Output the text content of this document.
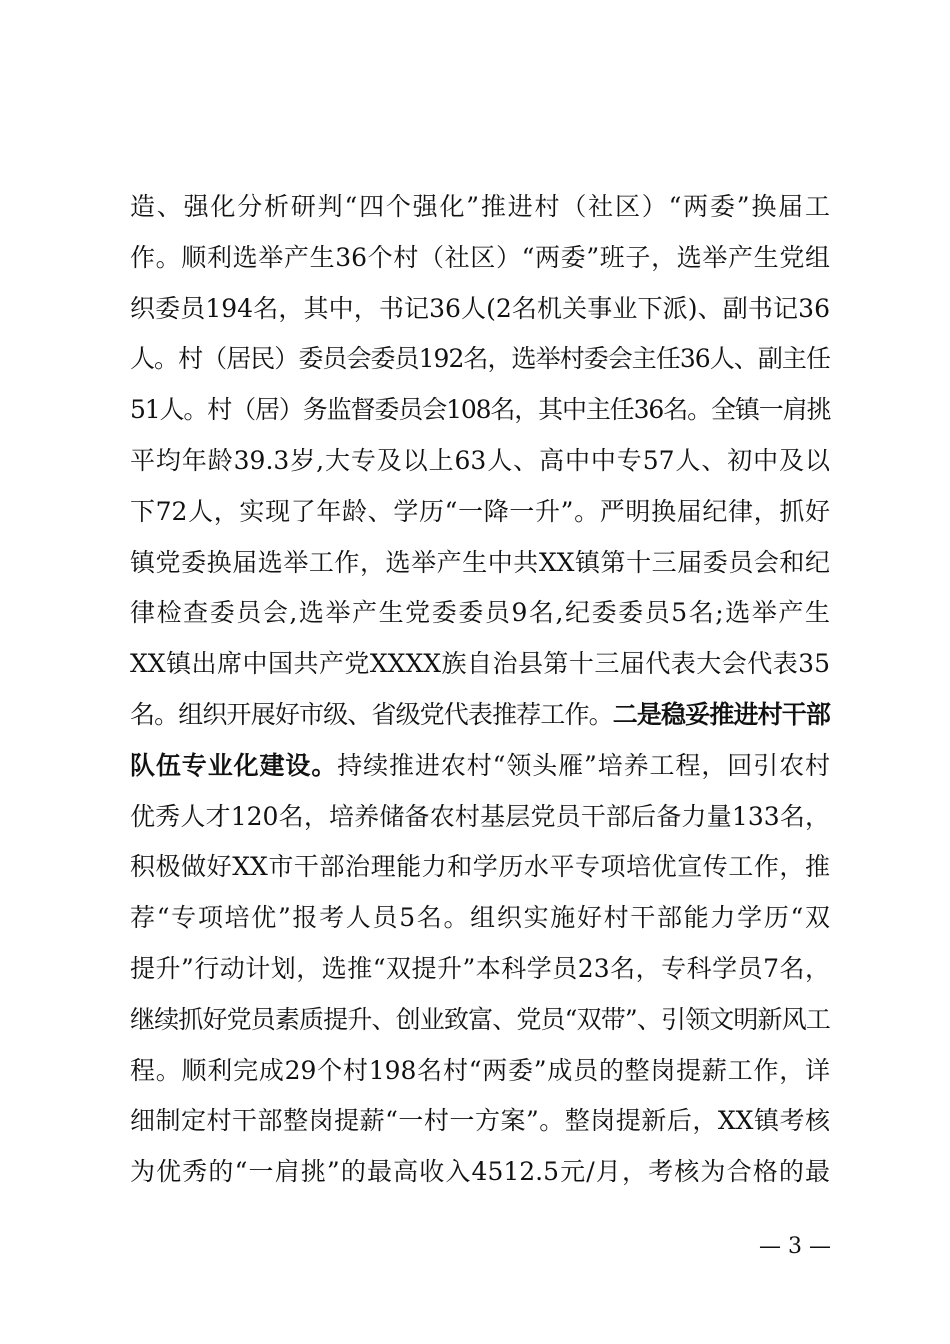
造、强化分析研判“四个强化”推进村（社区）“两委”换届工
作。顺利选举产生36个村（社区）“两委”班子，选举产生党组
织委员194名，其中，书记36人(2名机关事业下派)、副书记36
人。村（居民）委员会委员192名，选举村委会主任36人、副主任
51人。村（居）务监督委员会108名，其中主任36名。全镇一肩挑
平均年龄39.3岁,大专及以上63人、高中中专57人、初中及以
下72人，实现了年龄、学历“一降一升”。严明换届纪律，抓好
镇党委换届选举工作，选举产生中共XX镇第十三届委员会和纪
律检查委员会,选举产生党委委员9名,纪委委员5名;选举产生
XX镇出席中国共产党XXXX族自治县第十三届代表大会代表35
名。组织开展好市级、省级党代表推荐工作。二是稳妥推进村干部
队伍专业化建设。持续推进农村“领头雁”培养工程，回引农村
优秀人才120名，培养储备农村基层党员干部后备力量133名，
积极做好XX市干部治理能力和学历水平专项培优宣传工作，推
荐“专项培优”报考人员5名。组织实施好村干部能力学历“双
提升”行动计划，选推“双提升”本科学员23名，专科学员7名，
继续抓好党员素质提升、创业致富、党员“双带”、引领文明新风工
程。顺利完成29个村198名村“两委”成员的整岗提薪工作，详
细制定村干部整岗提薪“一村一方案”。整岗提新后，XX镇考核
为优秀的“一肩挑”的最高收入4512.5元/月，考核为合格的最
— 3 —
